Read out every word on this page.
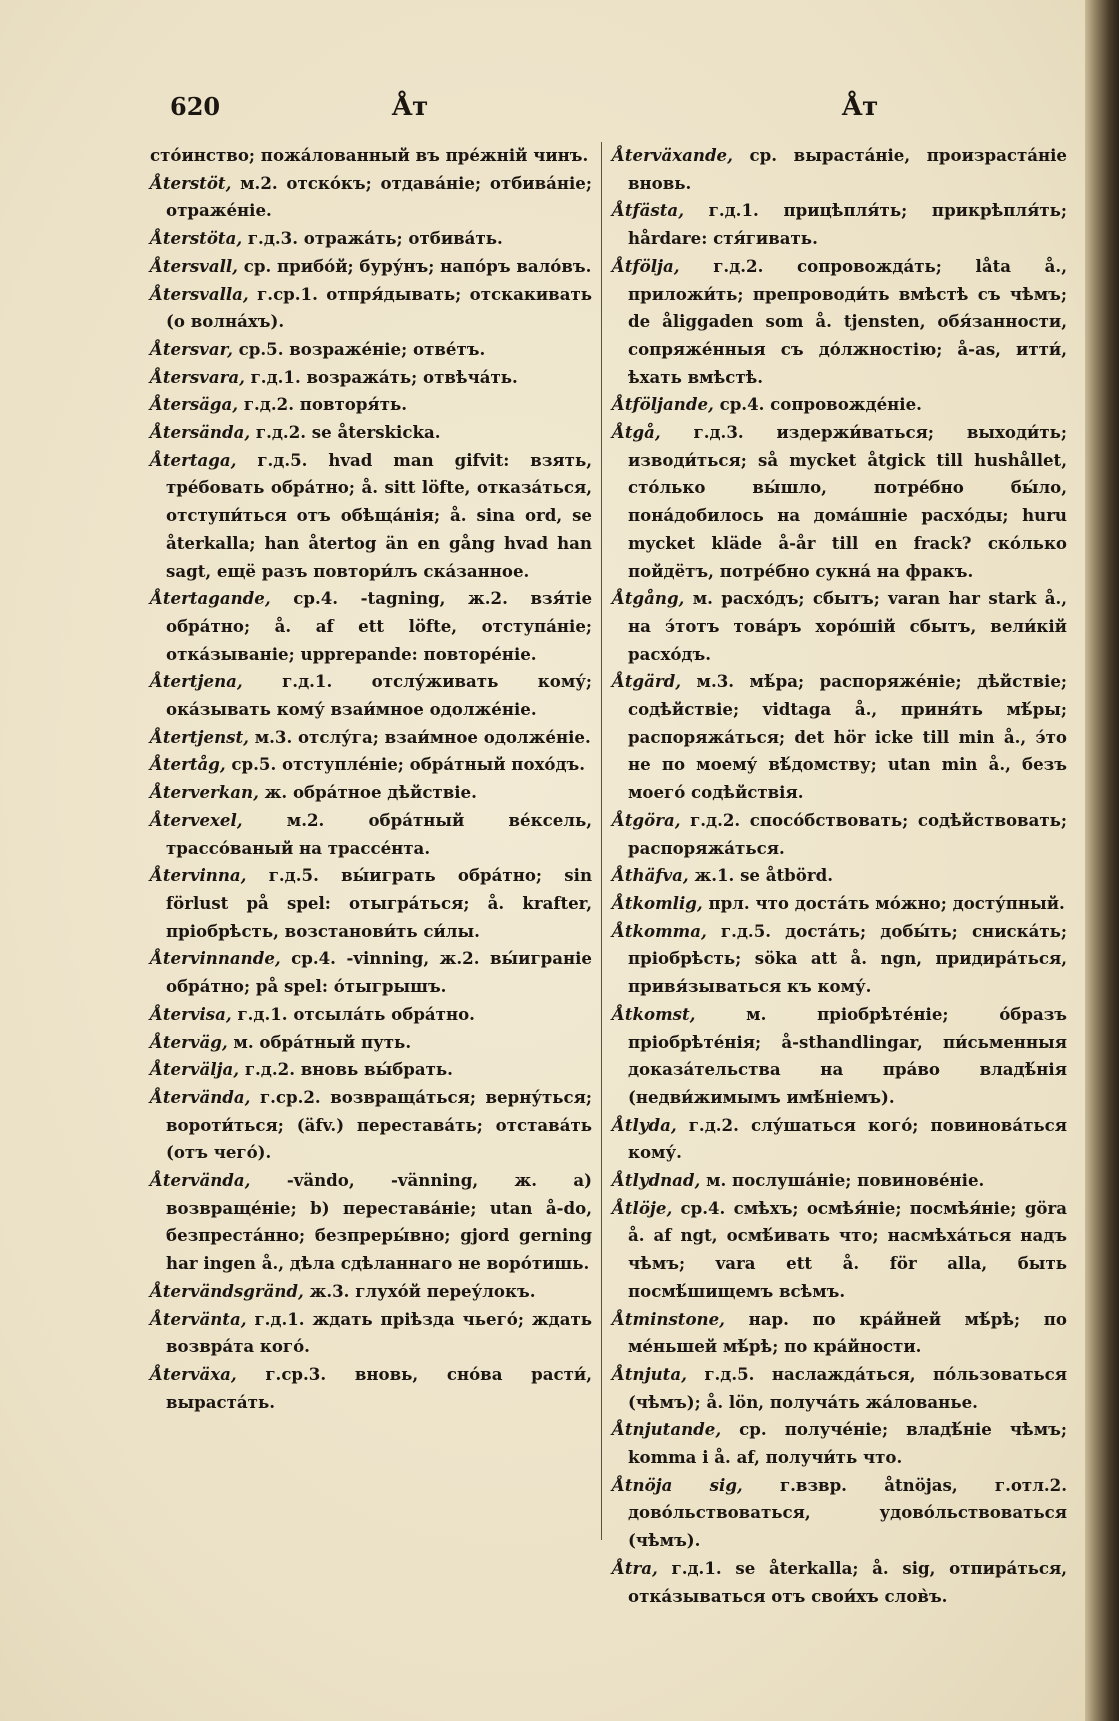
620	Åт	Åт

сто́инство; пожа́лованный въ пре́жній чинъ.

Återstöt, м.2. отско́къ; отдава́ніе; отбива́ніе; отраже́ніе.

Återstöta, г.д.3. отража́ть; отбива́ть.

Återsvall, ср. прибо́й; буру́нъ; напо́ръ вало́въ.

Återsvalla, г.ср.1. отпря́дывать; отскакивать (о волна́хъ).

Återsvar, ср.5. возраже́ніе; отве́тъ.

Återsvara, г.д.1. возража́ть; отвѣча́ть.

Återsäga, г.д.2. повторя́ть.

Återsända, г.д.2. se återskicka.

Återtaga, г.д.5. hvad man gifvit: взять, тре́бовать обра́тно; å. sitt löfte, отказа́ться, отступи́ться отъ обѣща́нія; å. sina ord, se återkalla; han återtog än en gång hvad han sagt, ещё разъ повтори́лъ ска́занное.

Återtagande, ср.4. -tagning, ж.2. взя́тіе обра́тно; å. af ett löfte, отступа́ніе; отка́зываніе; upprepande: повторе́ніе.

Återtjena, г.д.1. отслу́живать кому́; ока́зывать кому́ взаи́мное одолже́ніе.

Återtjenst, м.3. отслу́га; взаи́мное одолже́ніе.

Återtåg, ср.5. отступле́ніе; обра́тный похо́дъ.

Återverkan, ж. обра́тное дѣйствіе.

Återvexel,	м.2. обра́тный ве́ксель, трассо́ваный на трассе́нта.

Återvinna, г.д.5. вы́играть обра́тно; sin förlust på spel: отыгра́ться; å. krafter, пріобрѣсть, возстанови́ть си́лы.

Återvinnande, ср.4. -vinning, ж.2. вы́играніе обра́тно; på spel: о́тыгрышъ.

Återvisa, г.д.1. отсыла́ть обра́тно.

Återväg, м. обра́тный путь.

Återvälja, г.д.2. вновь вы́брать.

Återvända, г.ср.2. возвраща́ться; верну́ться; вороти́ться; (äfv.) перестава́ть; отстава́ть (отъ чего́).

Återvända, -vändo, -vänning, ж. a) возвраще́ніе; b) перестава́ніе; utan å-do, безпреста́нно; безпреры́вно; gjord gerning har ingen å., дѣла сдѣланнаго не воро́тишь.

Återvändsgränd, ж.3. глухо́й переу́локъ.

Återvänta, г.д.1. ждать пріѣзда чьего́; ждать возвра́та кого́.

Återväxa, г.ср.3. вновь, сно́ва расти́, выраста́ть.

Återväxande, ср. выраста́ніе, произраста́ніе вновь.

Åtfästa, г.д.1. прицѣпля́ть; прикрѣпля́ть; hårdare: стя́гивать.

Åtfölja, г.д.2. сопровожда́ть; låta å., приложи́ть; препроводи́ть вмѣстѣ съ чѣмъ; de åliggaden som å. tjensten, обя́занности, сопряже́нныя съ до́лжностію; å-as, итти́, ѣхать вмѣстѣ.

Åtföljande, ср.4. сопровожде́ніе.

Åtgå, г.д.3. издержи́ваться; выходи́ть; изводи́ться; så mycket åtgick till hushållet, сто́лько вы́шло, потре́бно бы́ло, пона́добилось на дома́шніе расхо́ды; huru mycket kläde å-år till en frack? ско́лько пойдётъ, потре́бно сукна́ на фракъ.

Åtgång, м. расхо́дъ; сбытъ; varan har stark å., на э́тотъ това́ръ хоро́шій сбытъ, вели́кій расхо́дъ.

Åtgärd, м.3. мѣ́ра; распоряже́ніе; дѣйствіе; содѣйствіе; vidtaga å., приня́ть мѣ́ры; распоряжа́ться; det hör icke till min å., э́то не по моему́ вѣ́домству; utan min å., безъ моего́ содѣйствія.

Åtgöra, г.д.2. спосо́бствовать; содѣйствовать; распоряжа́ться.

Åthäfva, ж.1. se åtbörd.

Åtkomlig, прл. что доста́ть мо́жно; досту́пный.

Åtkomma, г.д.5. доста́ть; добы́ть; сниска́ть; пріобрѣсть; söka att å. ngn, придира́ться, привя́зываться къ кому́.

Åtkomst,	м. пріобрѣте́ніе; о́бразъ пріобрѣте́нія; å-sthandlingar, пи́сьменныя доказа́тельства на пра́во владѣ́нія (недви́жимымъ имѣ́ніемъ).

Åtlyda, г.д.2. слу́шаться кого́; повинова́ться кому́.

Åtlydnad, м. послуша́ніе; повинове́ніе.

Åtlöje, ср.4. смѣхъ; осмѣя́ніе; посмѣя́ніе; göra å. af ngt, осмѣ́ивать что; насмѣха́ться надъ чѣмъ; vara ett å. för alla, быть посмѣ́шищемъ всѣмъ.

Åtminstone, нар. по кра́йней мѣ́рѣ; по ме́ньшей мѣ́рѣ; по кра́йности.

Åtnjuta, г.д.5. наслажда́ться, по́льзоваться (чѣмъ); å. lön, получа́ть жа́лованье.

Åtnjutande, ср. получе́ніе; владѣ́ніе чѣмъ; komma i å. af, получи́ть что.

Åtnöja sig, г.взвр. åtnöjas, г.отл.2. дово́льствоваться, удово́льствоваться (чѣмъ).

Åtra, г.д.1. se återkalla; å. sig, отпира́ться, отка́зываться отъ свои́хъ слов̀ъ.
